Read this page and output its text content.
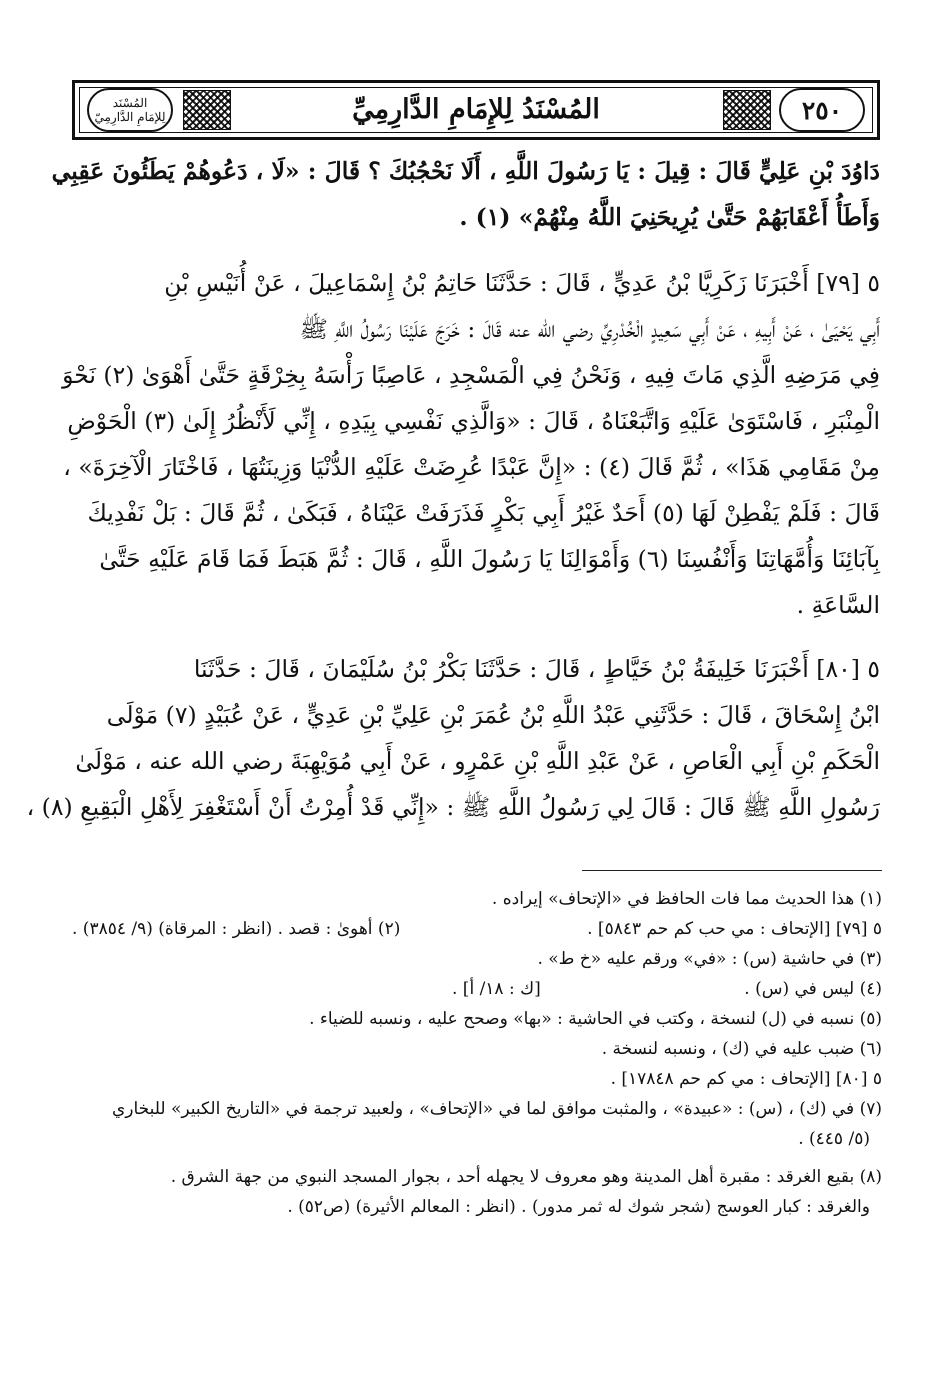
المُسْنَد
لِلإمَامِ الدَّارِمِيّ	المُسْنَدُ لِلإِمَامِ الدَّارِمِيِّ	٢٥٠
دَاوُدَ بْنِ عَلِيٍّ قَالَ : قِيلَ : يَا رَسُولَ اللَّهِ ، أَلَا نَحْجُبُكَ ؟ قَالَ : «لَا ، دَعُوهُمْ يَطَئُونَ عَقِبِي
وَأَطَأُ أَعْقَابَهُمْ حَتَّىٰ يُرِيحَنِيَ اللَّهُ مِنْهُمْ» (١) .
٥ [٧٩] أَخْبَرَنَا زَكَرِيَّا بْنُ عَدِيٍّ ، قَالَ : حَدَّثَنَا حَاتِمُ بْنُ إِسْمَاعِيلَ ، عَنْ أُنَيْسِ بْنِ
أَبِي يَحْيَىٰ ، عَنْ أَبِيهِ ، عَنْ أَبِي سَعِيدٍ الْخُدْرِيِّ رضي الله عنه قَالَ : خَرَجَ عَلَيْنَا رَسُولُ اللَّهِ ﷺ
فِي مَرَضِهِ الَّذِي مَاتَ فِيهِ ، وَنَحْنُ فِي الْمَسْجِدِ ، عَاصِبًا رَأْسَهُ بِخِرْقَةٍ حَتَّىٰ أَهْوَىٰ (٢) نَحْوَ
الْمِنْبَرِ ، فَاسْتَوَىٰ عَلَيْهِ وَاتَّبَعْنَاهُ ، قَالَ : «وَالَّذِي نَفْسِي بِيَدِهِ ، إِنِّي لَأَنْظُرُ إِلَىٰ (٣) الْحَوْضِ
مِنْ مَقَامِي هَذَا» ، ثُمَّ قَالَ (٤) : «إِنَّ عَبْدًا عُرِضَتْ عَلَيْهِ الدُّنْيَا وَزِينَتُهَا ، فَاخْتَارَ الْآخِرَةَ» ،
قَالَ : فَلَمْ يَفْطِنْ لَهَا (٥) أَحَدٌ غَيْرُ أَبِي بَكْرٍ فَذَرَفَتْ عَيْنَاهُ ، فَبَكَىٰ ، ثُمَّ قَالَ : بَلْ نَفْدِيكَ
بِآبَائِنَا وَأُمَّهَاتِنَا وَأَنْفُسِنَا (٦) وَأَمْوَالِنَا يَا رَسُولَ اللَّهِ ، قَالَ : ثُمَّ هَبَطَ فَمَا قَامَ عَلَيْهِ حَتَّىٰ
السَّاعَةِ .
٥ [٨٠] أَخْبَرَنَا خَلِيفَةُ بْنُ خَيَّاطٍ ، قَالَ : حَدَّثَنَا بَكْرُ بْنُ سُلَيْمَانَ ، قَالَ : حَدَّثَنَا
ابْنُ إِسْحَاقَ ، قَالَ : حَدَّثَنِي عَبْدُ اللَّهِ بْنُ عُمَرَ بْنِ عَلِيِّ بْنِ عَدِيٍّ ، عَنْ عُبَيْدٍ (٧) مَوْلَى
الْحَكَمِ بْنِ أَبِي الْعَاصِ ، عَنْ عَبْدِ اللَّهِ بْنِ عَمْرٍو ، عَنْ أَبِي مُوَيْهِبَةَ رضي الله عنه ، مَوْلَىٰ
رَسُولِ اللَّهِ ﷺ قَالَ : قَالَ لِي رَسُولُ اللَّهِ ﷺ : «إِنِّي قَدْ أُمِرْتُ أَنْ أَسْتَغْفِرَ لِأَهْلِ الْبَقِيعِ (٨) ،
(١) هذا الحديث مما فات الحافظ في «الإتحاف» إيراده .
٥ [٧٩] [الإتحاف : مي حب كم حم ٥٨٤٣] .
(٢) أهوىٰ : قصد . (انظر : المرقاة) (٩/ ٣٨٥٤) .
(٣) في حاشية (س) : «في» ورقم عليه «خ ط» .
(٤) ليس في (س) .
[ك : ١٨/ أ] .
(٥) نسبه في (ل) لنسخة ، وكتب في الحاشية : «بها» وصحح عليه ، ونسبه للضياء .
(٦) ضبب عليه في (ك) ، ونسبه لنسخة .
٥ [٨٠] [الإتحاف : مي كم حم ١٧٨٤٨] .
(٧) في (ك) ، (س) : «عبيدة» ، والمثبت موافق لما في «الإتحاف» ، ولعبيد ترجمة في «التاريخ الكبير» للبخاري
(٥/ ٤٤٥) .
(٨) بقيع الغرقد : مقبرة أهل المدينة وهو معروف لا يجهله أحد ، بجوار المسجد النبوي من جهة الشرق .
والغرقد : كبار العوسج (شجر شوك له ثمر مدور) . (انظر : المعالم الأثيرة) (ص٥٢) .
